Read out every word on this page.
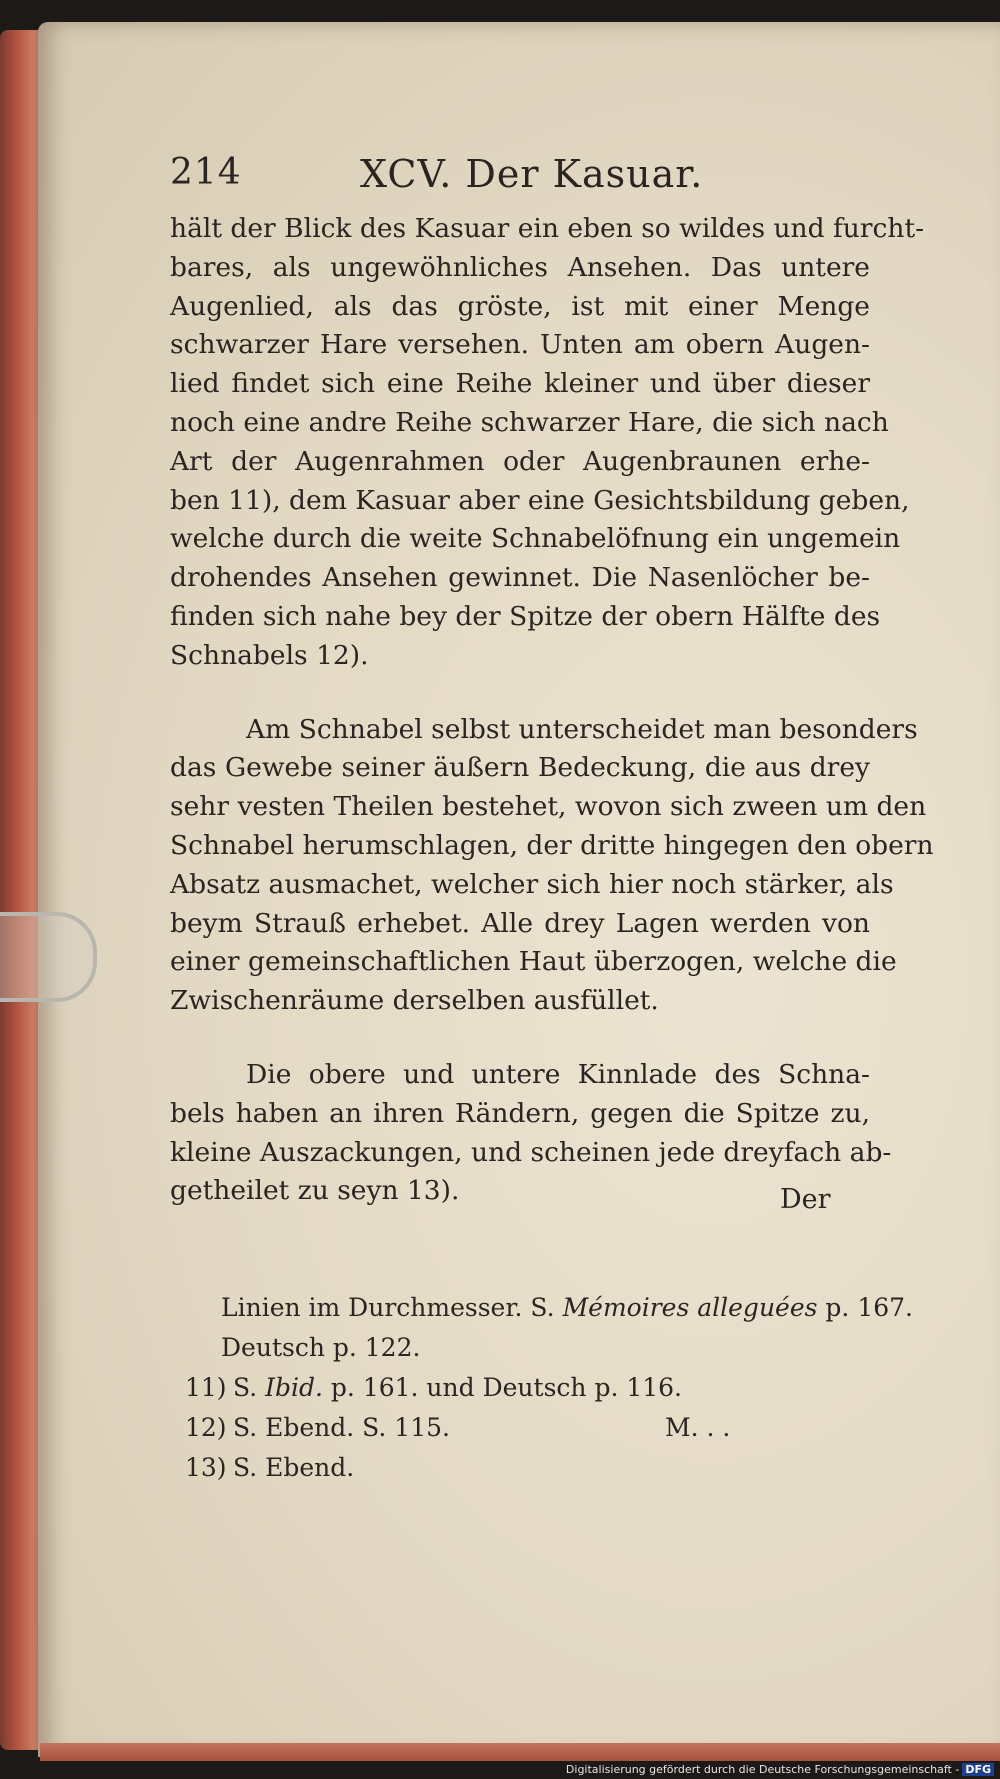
214	XCV. Der Kasuar.

hält der Blick des Kasuar ein eben so wildes und furcht-
bares, als ungewöhnliches Ansehen. Das untere
Augenlied, als das gröste, ist mit einer Menge
schwarzer Hare versehen. Unten am obern Augen-
lied findet sich eine Reihe kleiner und über dieser
noch eine andre Reihe schwarzer Hare, die sich nach
Art der Augenrahmen oder Augenbraunen erhe-
ben 11), dem Kasuar aber eine Gesichtsbildung geben,
welche durch die weite Schnabelöfnung ein ungemein
drohendes Ansehen gewinnet. Die Nasenlöcher be-
finden sich nahe bey der Spitze der obern Hälfte des
Schnabels 12).

Am Schnabel selbst unterscheidet man besonders
das Gewebe seiner äußern Bedeckung, die aus drey
sehr vesten Theilen bestehet, wovon sich zween um den
Schnabel herumschlagen, der dritte hingegen den obern
Absatz ausmachet, welcher sich hier noch stärker, als
beym Strauß erhebet. Alle drey Lagen werden von
einer gemeinschaftlichen Haut überzogen, welche die
Zwischenräume derselben ausfüllet.

Die obere und untere Kinnlade des Schna-
bels haben an ihren Rändern, gegen die Spitze zu,
kleine Auszackungen, und scheinen jede dreyfach ab-
getheilet zu seyn 13).	Der
Linien im Durchmesser. S. Mémoires alleguées p. 167.
Deutsch p. 122.
11) S. Ibid. p. 161. und Deutsch p. 116.
12) S. Ebend. S. 115.	M. . .
13) S. Ebend.
Digitalisierung gefördert durch die Deutsche Forschungsgemeinschaft - DFG
